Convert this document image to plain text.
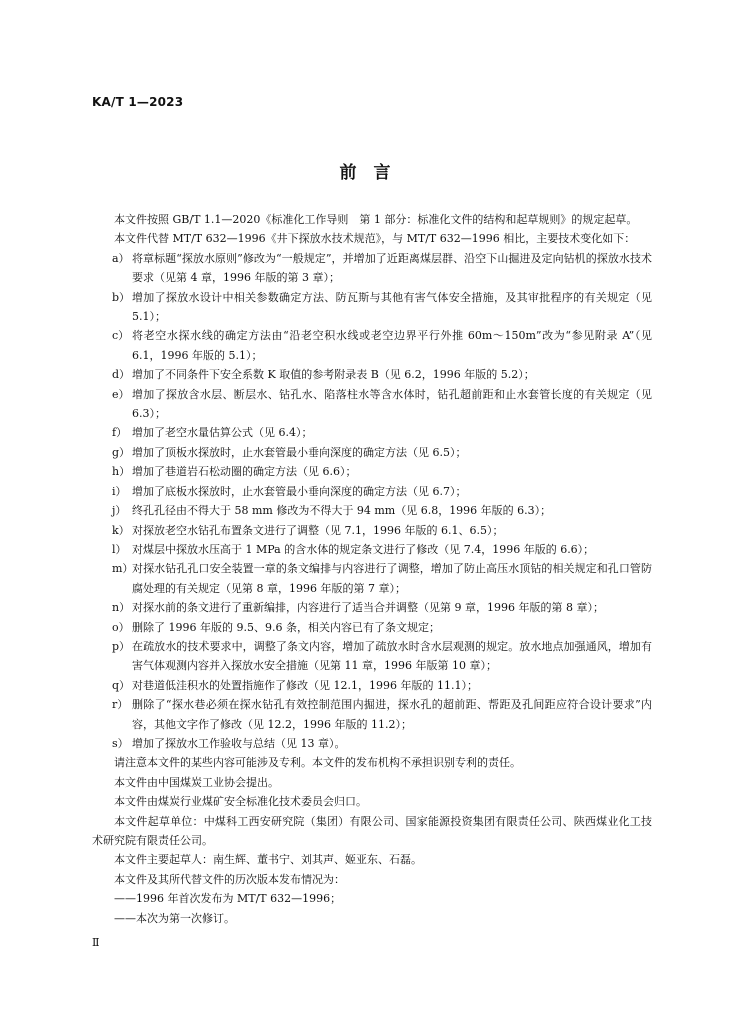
KA/T 1—2023
前　言

本文件按照 GB/T 1.1—2020《标准化工作导则　第 1 部分：标准化文件的结构和起草规则》的规定起草。

本文件代替 MT/T 632—1996《井下探放水技术规范》，与 MT/T 632—1996 相比，主要技术变化如下：

a） 将章标题“探放水原则”修改为“一般规定”，并增加了近距离煤层群、沿空下山掘进及定向钻机的探放水技术要求（见第 4 章，1996 年版的第 3 章）；
b） 增加了探放水设计中相关参数确定方法、防瓦斯与其他有害气体安全措施，及其审批程序的有关规定（见 5.1）；
c） 将老空水探水线的确定方法由“沿老空积水线或老空边界平行外推 60m～150m”改为“参见附录 A”（见 6.1，1996 年版的 5.1）；
d） 增加了不同条件下安全系数 K 取值的参考附录表 B（见 6.2，1996 年版的 5.2）；
e） 增加了探放含水层、断层水、钻孔水、陷落柱水等含水体时，钻孔超前距和止水套管长度的有关规定（见 6.3）；
f） 增加了老空水量估算公式（见 6.4）；
g） 增加了顶板水探放时，止水套管最小垂向深度的确定方法（见 6.5）；
h） 增加了巷道岩石松动圈的确定方法（见 6.6）；
i） 增加了底板水探放时，止水套管最小垂向深度的确定方法（见 6.7）；
j） 终孔孔径由不得大于 58 mm 修改为不得大于 94 mm（见 6.8，1996 年版的 6.3）；
k） 对探放老空水钻孔布置条文进行了调整（见 7.1，1996 年版的 6.1、6.5）；
l） 对煤层中探放水压高于 1 MPa 的含水体的规定条文进行了修改（见 7.4，1996 年版的 6.6）；
m）
对探水钻孔孔口安全装置一章的条文编排与内容进行了调整，增加了防止高压水顶钻的相关规定和孔口管防腐处理的有关规定（见第 8 章，1996 年版的第 7 章）；
n） 对探水前的条文进行了重新编排，内容进行了适当合并调整（见第 9 章，1996 年版的第 8 章）；
o） 删除了 1996 年版的 9.5、9.6 条，相关内容已有了条文规定；
p） 在疏放水的技术要求中，调整了条文内容，增加了疏放水时含水层观测的规定。放水地点加强通风，增加有害气体观测内容并入探放水安全措施（见第 11 章，1996 年版第 10 章）；
q） 对巷道低洼积水的处置指施作了修改（见 12.1，1996 年版的 11.1）；
r） 删除了“探水巷必须在探水钻孔有效控制范围内掘进，探水孔的超前距、帮距及孔间距应符合设计要求”内容，其他文字作了修改（见 12.2，1996 年版的 11.2）；
s） 增加了探放水工作验收与总结（见 13 章）。

请注意本文件的某些内容可能涉及专利。本文件的发布机构不承担识别专利的责任。

本文件由中国煤炭工业协会提出。

本文件由煤炭行业煤矿安全标准化技术委员会归口。

本文件起草单位：中煤科工西安研究院（集团）有限公司、国家能源投资集团有限责任公司、陕西煤业化工技术研究院有限责任公司。

本文件主要起草人：南生辉、董书宁、刘其声、姬亚东、石磊。

本文件及其所代替文件的历次版本发布情况为：

——1996 年首次发布为 MT/T 632—1996；

——本次为第一次修订。

Ⅱ
